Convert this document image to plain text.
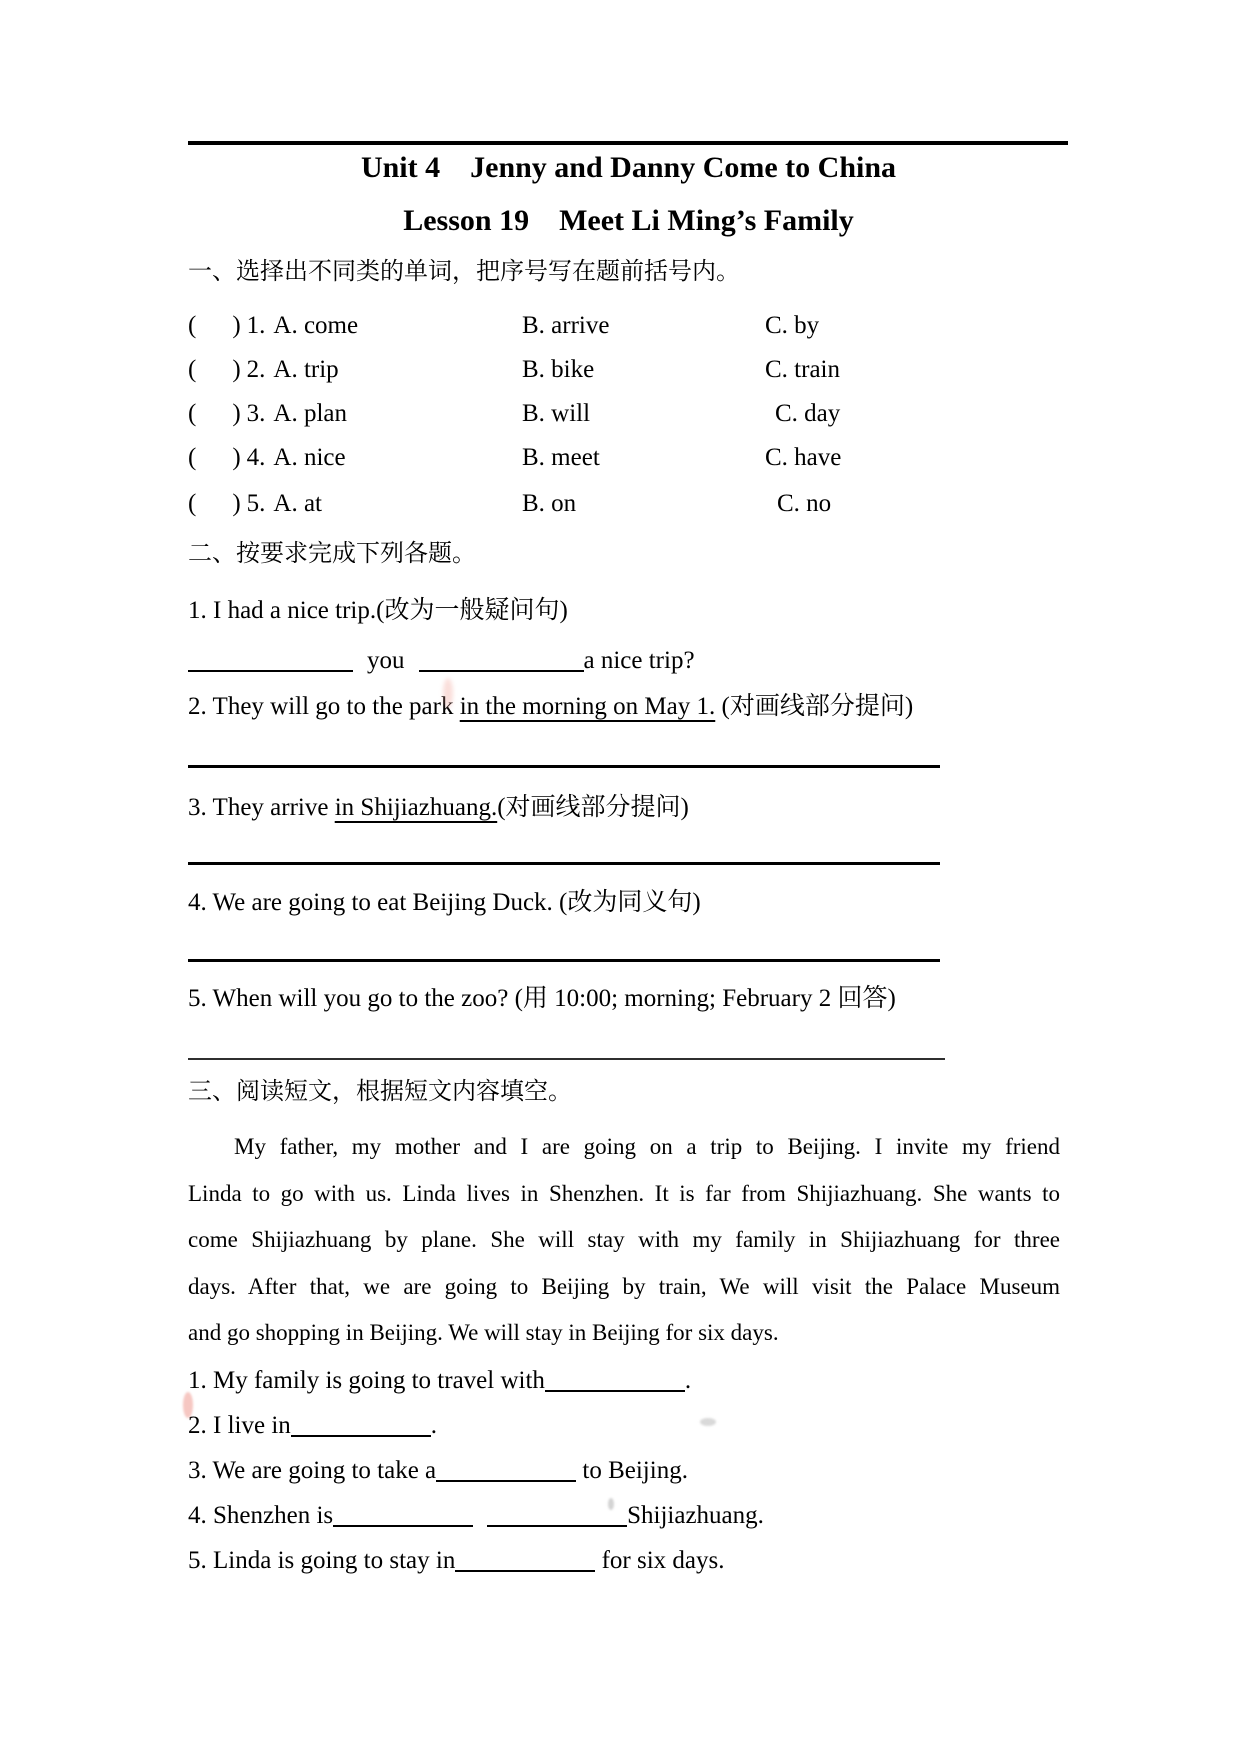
Unit 4　Jenny and Danny Come to China
Lesson 19　Meet Li Ming’s Family
一、选择出不同类的单词，把序号写在题前括号内。
( ) 1. A. come	B. arrive	C. by
( ) 2. A. trip	B. bike	C. train
( ) 3. A. plan	B. will	C. day
( ) 4. A. nice	B. meet	C. have
( ) 5. A. at	B. on	C. no
二、按要求完成下列各题。
1. I had a nice trip.(改为一般疑问句)
you	a nice trip?
2. They will go to the park in the morning on May 1. (对画线部分提问)
3. They arrive in Shijiazhuang.(对画线部分提问)
4. We are going to eat Beijing Duck. (改为同义句)
5. When will you go to the zoo? (用 10:00; morning; February 2 回答)
三、阅读短文，根据短文内容填空。
My father, my mother and I are going on a trip to Beijing. I invite my friend
Linda to go with us. Linda lives in Shenzhen. It is far from Shijiazhuang. She wants to
come Shijiazhuang by plane. She will stay with my family in Shijiazhuang for three
days. After that, we are going to Beijing by train, We will visit the Palace Museum
and go shopping in Beijing. We will stay in Beijing for six days.
1. My family is going to travel with	.
2. I live in	.
3. We are going to take a	to Beijing.
4. Shenzhen is	Shijiazhuang.
5. Linda is going to stay in	for six days.
